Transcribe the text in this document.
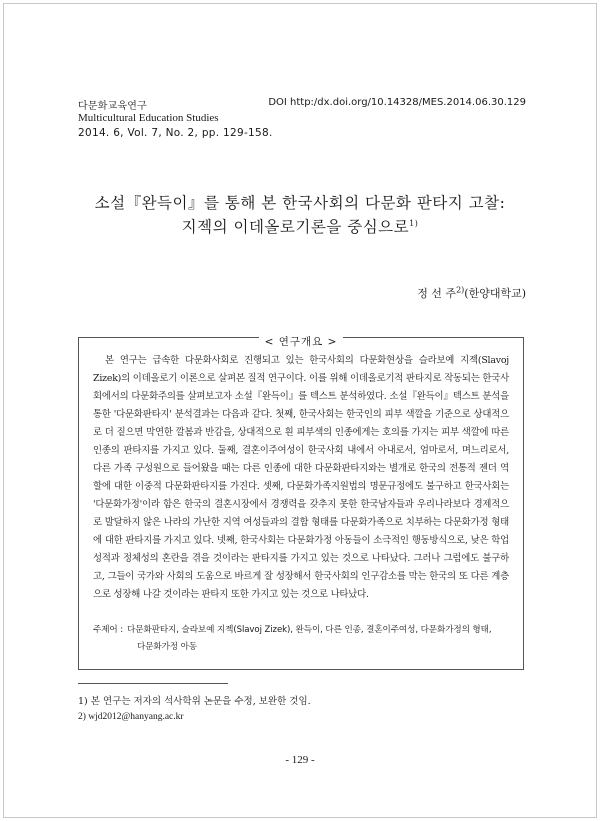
다문화교육연구	DOI http:/dx.doi.org/10.14328/MES.2014.06.30.129
Multicultural Education Studies
2014. 6, Vol. 7, No. 2, pp. 129-158.
소설『완득이』를 통해 본 한국사회의 다문화 판타지 고찰:
지젝의 이데올로기론을 중심으로$^{1)}$
정 선 주$^{2)}$(한양대학교)
< 연구개요 >
본 연구는 급속한 다문화사회로 진행되고 있는 한국사회의 다문화현상을 슬라보예 지젝(Slavoj Zizek)의 이데올로기 이론으로 살펴본 질적 연구이다. 이를 위해 이데올로기적 판타지로 작동되는 한국사회에서의 다문화주의를 살펴보고자 소설『완득이』를 텍스트 분석하였다. 소설『완득이』텍스트 분석을 통한 '다문화판타지' 분석결과는 다음과 같다. 첫째, 한국사회는 한국인의 피부 색깔을 기준으로 상대적으로 더 짙으면 막연한 깔봄과 반감을, 상대적으로 흰 피부색의 인종에게는 호의를 가지는 피부 색깔에 따른 인종의 판타지를 가지고 있다. 둘째, 결혼이주여성이 한국사회 내에서 아내로서, 엄마로서, 며느리로서, 다른 가족 구성원으로 들어왔을 때는 다른 인종에 대한 다문화판타지와는 별개로 한국의 전통적 젠더 역할에 대한 이중적 다문화판타지를 가진다. 셋째, 다문화가족지원법의 명문규정에도 불구하고 한국사회는 '다문화가정'이라 함은 한국의 결혼시장에서 경쟁력을 갖추지 못한 한국남자들과 우리나라보다 경제적으로 발달하지 않은 나라의 가난한 지역 여성들과의 결합 형태를 다문화가족으로 치부하는 다문화가정 형태에 대한 판타지를 가지고 있다. 넷째, 한국사회는 다문화가정 아동들이 소극적인 행동방식으로, 낮은 학업 성적과 정체성의 혼란을 겪을 것이라는 판타지를 가지고 있는 것으로 나타났다. 그러나 그럼에도 불구하고, 그들이 국가와 사회의 도움으로 바르게 잘 성장해서 한국사회의 인구감소를 막는 한국의 또 다른 계층으로 성장해 나갈 것이라는 판타지 또한 가지고 있는 것으로 나타났다.
주제어 : 다문화판타지, 슬라보예 지젝(Slavoj Zizek), 완득이, 다른 인종, 결혼이주여성, 다문화가정의 형태,
다문화가정 아동
1) 본 연구는 저자의 석사학위 논문을 수정, 보완한 것임.
2) wjd2012@hanyang.ac.kr
- 129 -
